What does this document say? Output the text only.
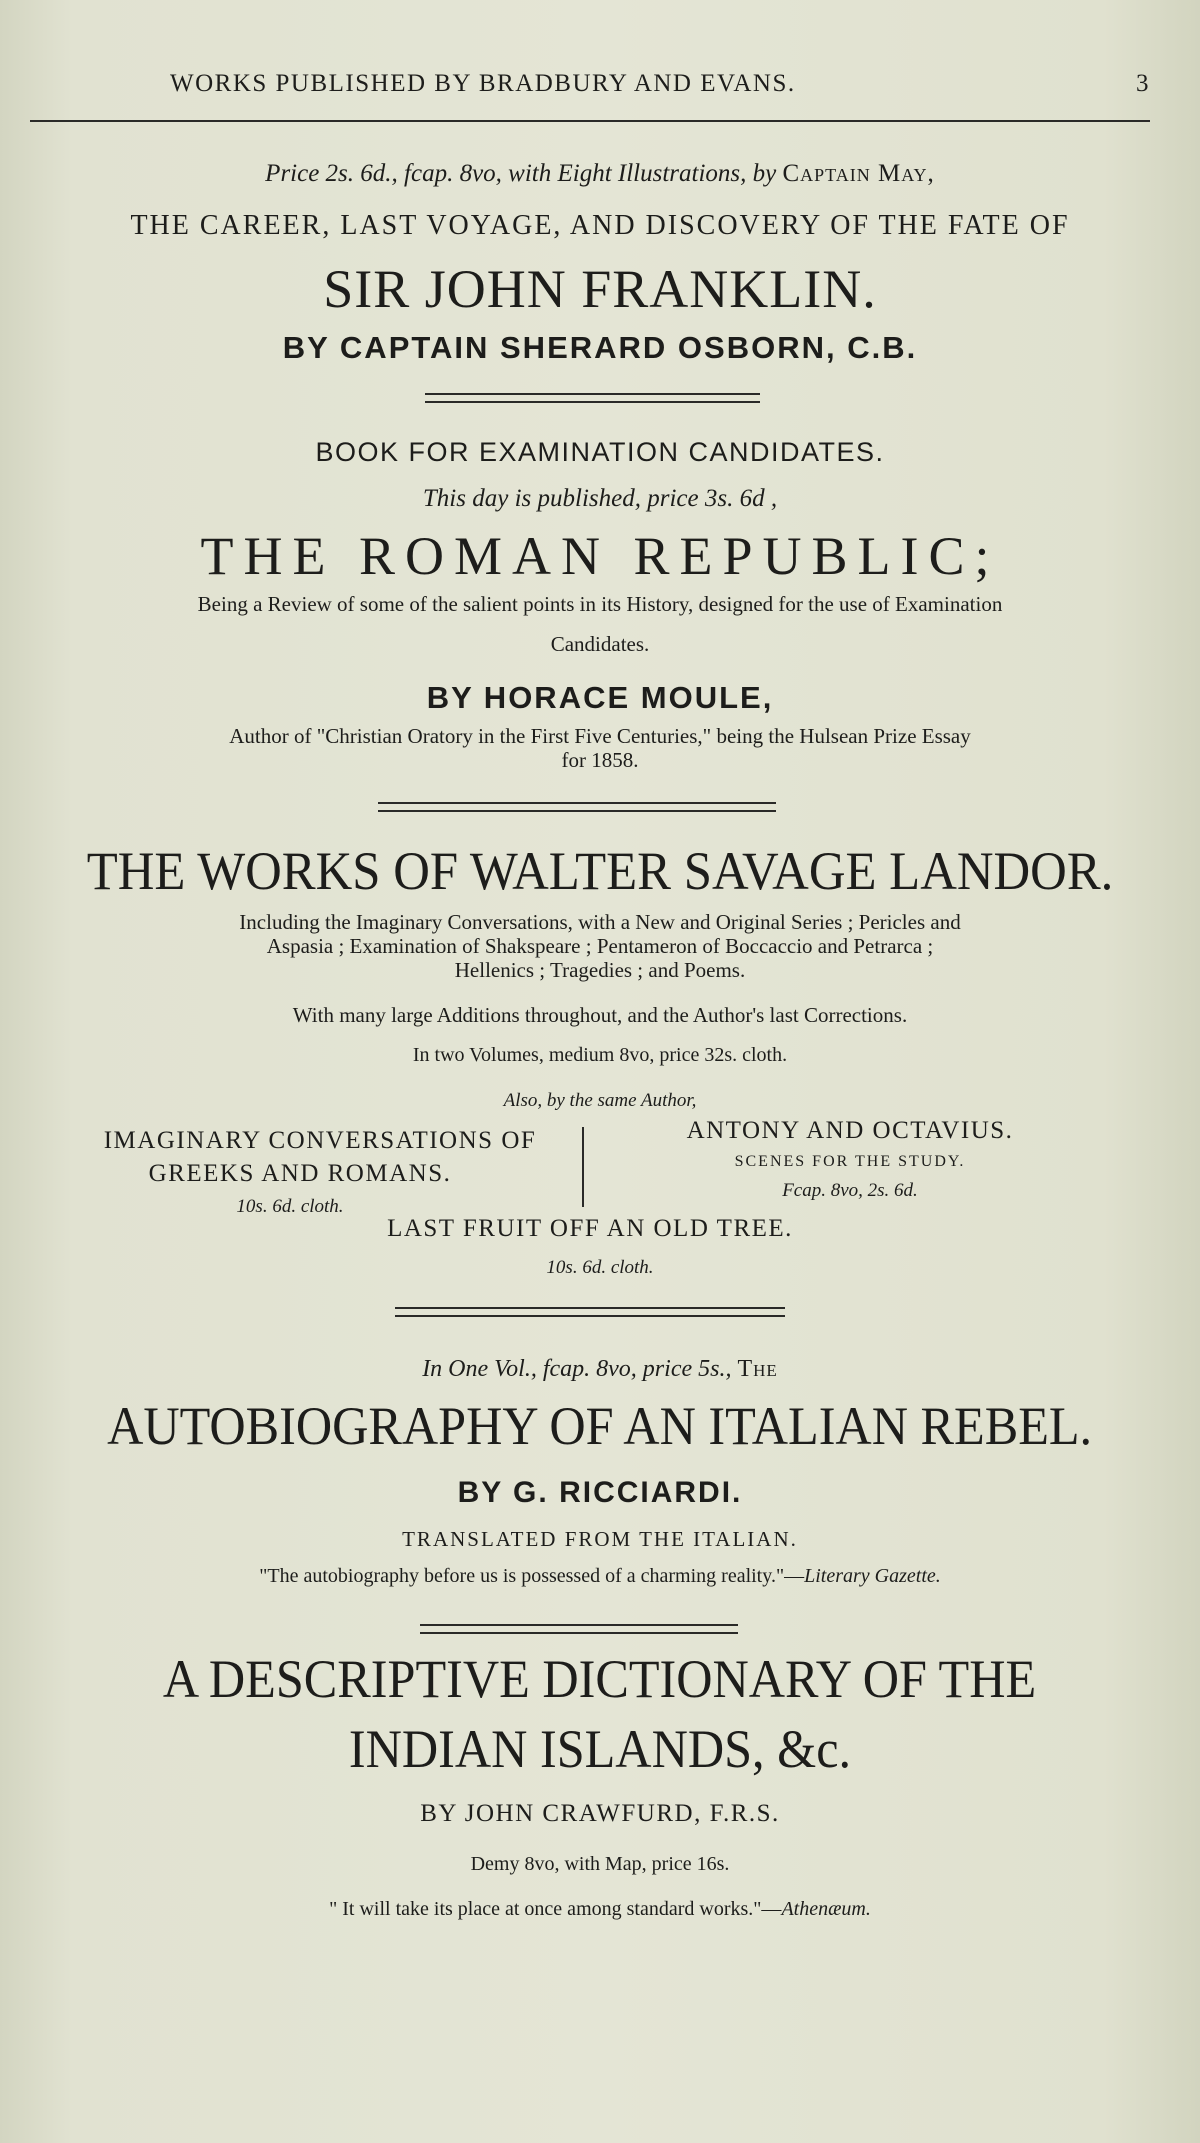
WORKS PUBLISHED BY BRADBURY AND EVANS.	3
Price 2s. 6d., fcap. 8vo, with Eight Illustrations, by Captain May,
THE CAREER, LAST VOYAGE, AND DISCOVERY OF THE FATE OF
SIR JOHN FRANKLIN.
BY CAPTAIN SHERARD OSBORN, C.B.
BOOK FOR EXAMINATION CANDIDATES.
This day is published, price 3s. 6d ,
THE ROMAN REPUBLIC;
Being a Review of some of the salient points in its History, designed for the use of Examination
Candidates.
BY HORACE MOULE,
Author of "Christian Oratory in the First Five Centuries," being the Hulsean Prize Essay
for 1858.
THE WORKS OF WALTER SAVAGE LANDOR.
Including the Imaginary Conversations, with a New and Original Series ; Pericles and
Aspasia ; Examination of Shakspeare ; Pentameron of Boccaccio and Petrarca ;
Hellenics ; Tragedies ; and Poems.
With many large Additions throughout, and the Author's last Corrections.
In two Volumes, medium 8vo, price 32s. cloth.
Also, by the same Author,
IMAGINARY CONVERSATIONS OF
GREEKS AND ROMANS.
10s. 6d. cloth.
ANTONY AND OCTAVIUS.
SCENES FOR THE STUDY.
Fcap. 8vo, 2s. 6d.
LAST FRUIT OFF AN OLD TREE.
10s. 6d. cloth.
In One Vol., fcap. 8vo, price 5s., The
AUTOBIOGRAPHY OF AN ITALIAN REBEL.
BY G. RICCIARDI.
TRANSLATED FROM THE ITALIAN.
"The autobiography before us is possessed of a charming reality."—Literary Gazette.
A DESCRIPTIVE DICTIONARY OF THE
INDIAN ISLANDS, &c.
BY JOHN CRAWFURD, F.R.S.
Demy 8vo, with Map, price 16s.
" It will take its place at once among standard works."—Athenæum.
